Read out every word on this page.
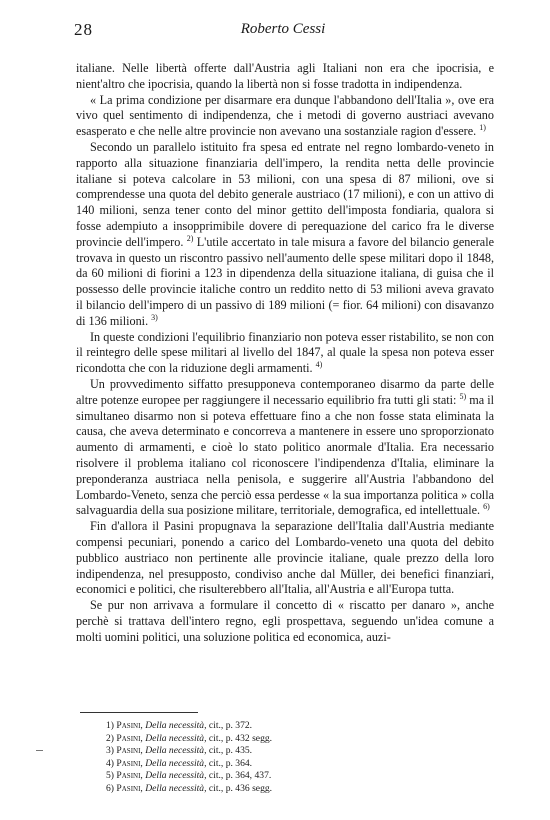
28	Roberto Cessi

italiane. Nelle libertà offerte dall'Austria agli Italiani non era che ipocrisia, e nient'altro che ipocrisia, quando la libertà non si fosse tradotta in indipendenza.

« La prima condizione per disarmare era dunque l'abbandono dell'Italia », ove era vivo quel sentimento di indipendenza, che i metodi di governo austriaci avevano esasperato e che nelle altre provincie non avevano una sostanziale ragion d'essere. $^{1)}$

Secondo un parallelo istituito fra spesa ed entrate nel regno lombardo-veneto in rapporto alla situazione finanziaria dell'impero, la rendita netta delle provincie italiane si poteva calcolare in 53 milioni, con una spesa di 87 milioni, ove si comprendesse una quota del debito generale austriaco (17 milioni), e con un attivo di 140 milioni, senza tener conto del minor gettito dell'imposta fondiaria, qualora si fosse adempiuto a insopprimibile dovere di perequazione del carico fra le diverse provincie dell'impero. $^{2)}$ L'utile accertato in tale misura a favore del bilancio generale trovava in questo un riscontro passivo nell'aumento delle spese militari dopo il 1848, da 60 milioni di fiorini a 123 in dipendenza della situazione italiana, di guisa che il possesso delle provincie italiche contro un reddito netto di 53 milioni aveva gravato il bilancio dell'impero di un passivo di 189 milioni (= fior. 64 milioni) con disavanzo di 136 milioni. $^{3)}$

In queste condizioni l'equilibrio finanziario non poteva esser ristabilito, se non con il reintegro delle spese militari al livello del 1847, al quale la spesa non poteva esser ricondotta che con la riduzione degli armamenti. $^{4)}$

Un provvedimento siffatto presupponeva contemporaneo disarmo da parte delle altre potenze europee per raggiungere il necessario equilibrio fra tutti gli stati: $^{5)}$ ma il simultaneo disarmo non si poteva effettuare fino a che non fosse stata eliminata la causa, che aveva determinato e concorreva a mantenere in essere uno sproporzionato aumento di armamenti, e cioè lo stato politico anormale d'Italia. Era necessario risolvere il problema italiano col riconoscere l'indipendenza d'Italia, eliminare la preponderanza austriaca nella penisola, e suggerire all'Austria l'abbandono del Lombardo-Veneto, senza che perciò essa perdesse « la sua importanza politica » colla salvaguardia della sua posizione militare, territoriale, demografica, ed intellettuale. $^{6)}$

Fin d'allora il Pasini propugnava la separazione dell'Italia dall'Austria mediante compensi pecuniari, ponendo a carico del Lombardo-veneto una quota del debito pubblico austriaco non pertinente alle provincie italiane, quale prezzo della loro indipendenza, nel presupposto, condiviso anche dal Müller, dei benefici finanziari, economici e politici, che risulterebbero all'Italia, all'Austria e all'Europa tutta.

Se pur non arrivava a formulare il concetto di « riscatto per danaro », anche perchè si trattava dell'intero regno, egli prospettava, seguendo un'idea comune a molti uomini politici, una soluzione politica ed economica, auzi-

1) Pasini, Della necessità, cit., p. 372.

2) Pasini, Della necessità, cit., p. 432 segg.

3) Pasini, Della necessità, cit., p. 435.

4) Pasini, Della necessità, cit., p. 364.

5) Pasini, Della necessità, cit., p. 364, 437.

6) Pasini, Della necessità, cit., p. 436 segg.
